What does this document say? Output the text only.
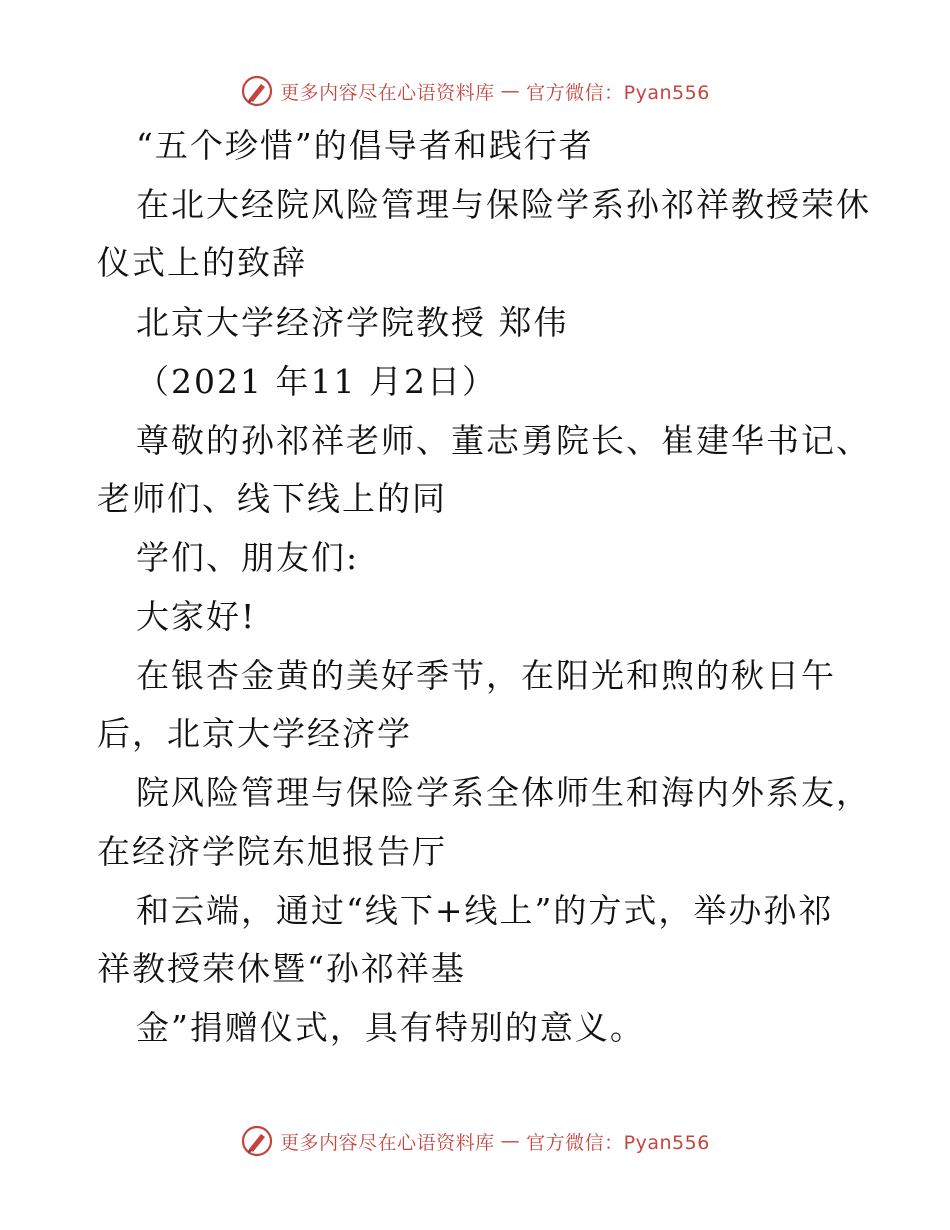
更多内容尽在心语资料库 — 官方微信：Pyan556
“五个珍惜”的倡导者和践行者
在北大经院风险管理与保险学系孙祁祥教授荣休
仪式上的致辞
北京大学经济学院教授 郑伟
（2021 年11 月2日）
尊敬的孙祁祥老师、董志勇院长、崔建华书记、
老师们、线下线上的同
学们、朋友们:
大家好!
在银杏金黄的美好季节，在阳光和煦的秋日午
后，北京大学经济学
院风险管理与保险学系全体师生和海内外系友，
在经济学院东旭报告厅
和云端，通过“线下+线上”的方式，举办孙祁
祥教授荣休暨“孙祁祥基
金”捐赠仪式，具有特别的意义。
更多内容尽在心语资料库 — 官方微信：Pyan556
